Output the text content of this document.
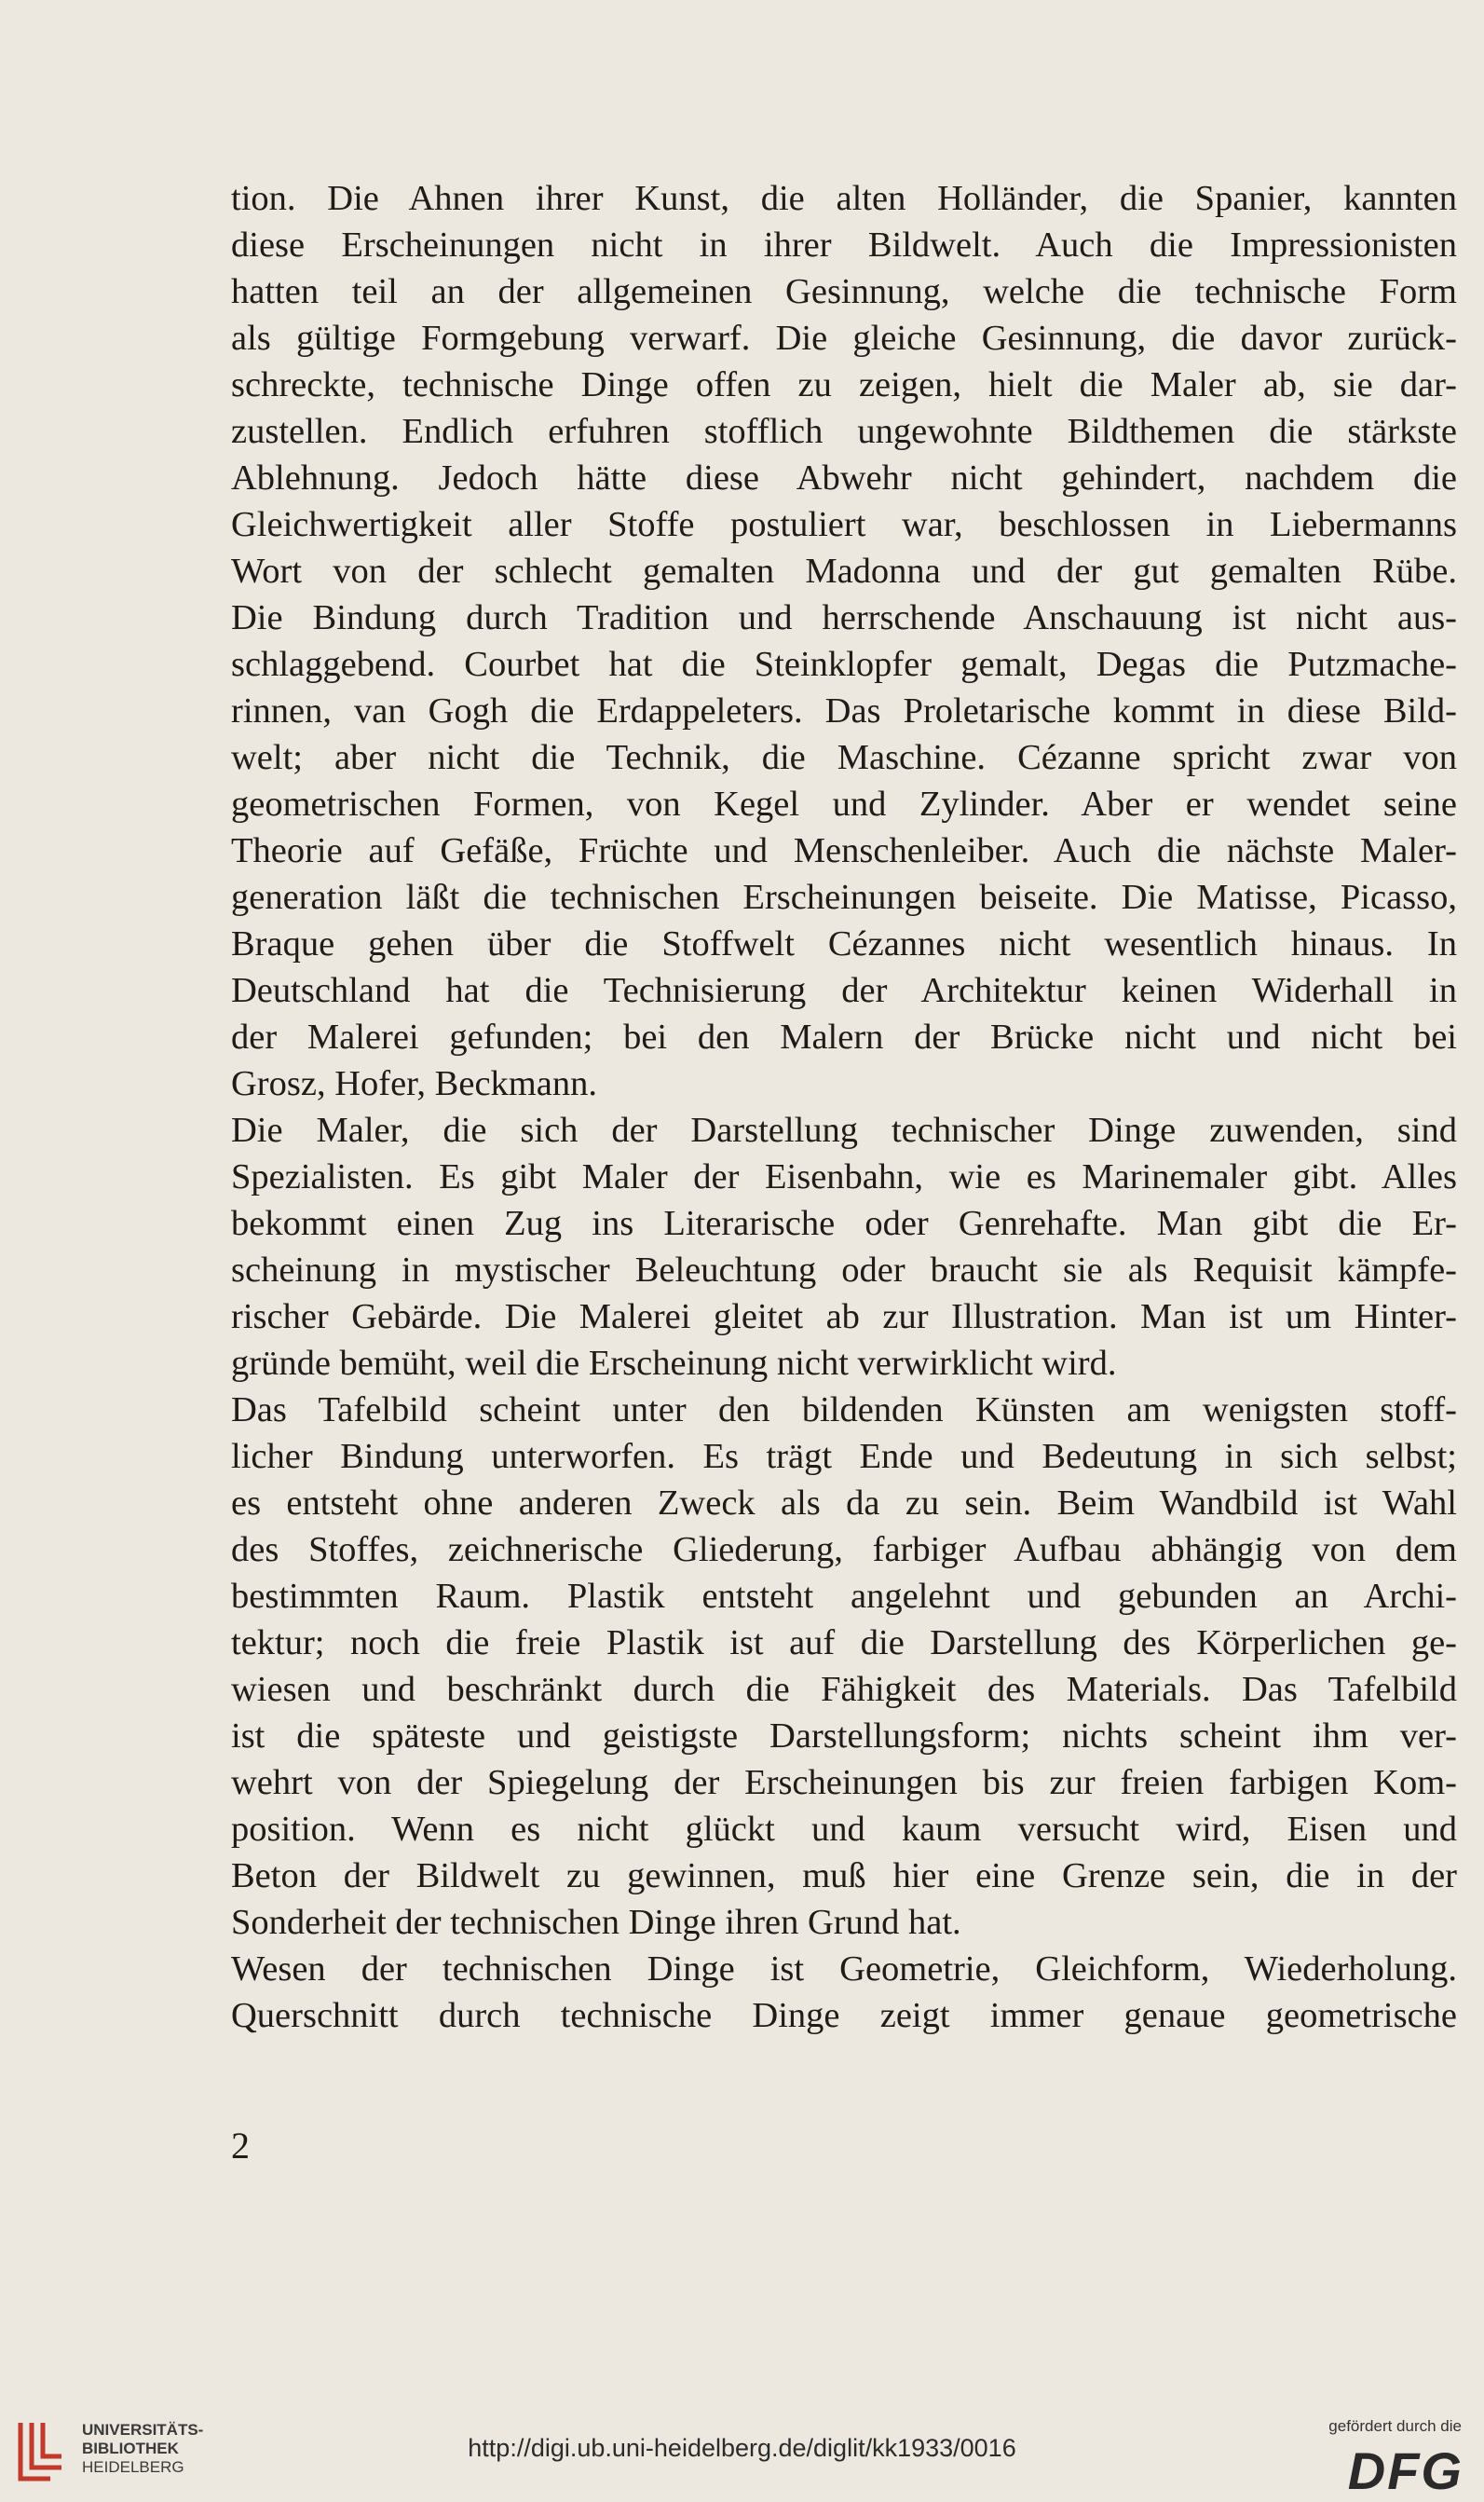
tion. Die Ahnen ihrer Kunst, die alten Holländer, die Spanier, kannten
diese Erscheinungen nicht in ihrer Bildwelt. Auch die Impressionisten
hatten teil an der allgemeinen Gesinnung, welche die technische Form
als gültige Formgebung verwarf. Die gleiche Gesinnung, die davor zurück-
schreckte, technische Dinge offen zu zeigen, hielt die Maler ab, sie dar-
zustellen. Endlich erfuhren stofflich ungewohnte Bildthemen die stärkste
Ablehnung. Jedoch hätte diese Abwehr nicht gehindert, nachdem die
Gleichwertigkeit aller Stoffe postuliert war, beschlossen in Liebermanns
Wort von der schlecht gemalten Madonna und der gut gemalten Rübe.
Die Bindung durch Tradition und herrschende Anschauung ist nicht aus-
schlaggebend. Courbet hat die Steinklopfer gemalt, Degas die Putzmache-
rinnen, van Gogh die Erdappeleters. Das Proletarische kommt in diese Bild-
welt; aber nicht die Technik, die Maschine. Cézanne spricht zwar von
geometrischen Formen, von Kegel und Zylinder. Aber er wendet seine
Theorie auf Gefäße, Früchte und Menschenleiber. Auch die nächste Maler-
generation läßt die technischen Erscheinungen beiseite. Die Matisse, Picasso,
Braque gehen über die Stoffwelt Cézannes nicht wesentlich hinaus. In
Deutschland hat die Technisierung der Architektur keinen Widerhall in
der Malerei gefunden; bei den Malern der Brücke nicht und nicht bei
Grosz, Hofer, Beckmann.
Die Maler, die sich der Darstellung technischer Dinge zuwenden, sind
Spezialisten. Es gibt Maler der Eisenbahn, wie es Marinemaler gibt. Alles
bekommt einen Zug ins Literarische oder Genrehafte. Man gibt die Er-
scheinung in mystischer Beleuchtung oder braucht sie als Requisit kämpfe-
rischer Gebärde. Die Malerei gleitet ab zur Illustration. Man ist um Hinter-
gründe bemüht, weil die Erscheinung nicht verwirklicht wird.
Das Tafelbild scheint unter den bildenden Künsten am wenigsten stoff-
licher Bindung unterworfen. Es trägt Ende und Bedeutung in sich selbst;
es entsteht ohne anderen Zweck als da zu sein. Beim Wandbild ist Wahl
des Stoffes, zeichnerische Gliederung, farbiger Aufbau abhängig von dem
bestimmten Raum. Plastik entsteht angelehnt und gebunden an Archi-
tektur; noch die freie Plastik ist auf die Darstellung des Körperlichen ge-
wiesen und beschränkt durch die Fähigkeit des Materials. Das Tafelbild
ist die späteste und geistigste Darstellungsform; nichts scheint ihm ver-
wehrt von der Spiegelung der Erscheinungen bis zur freien farbigen Kom-
position. Wenn es nicht glückt und kaum versucht wird, Eisen und
Beton der Bildwelt zu gewinnen, muß hier eine Grenze sein, die in der
Sonderheit der technischen Dinge ihren Grund hat.
Wesen der technischen Dinge ist Geometrie, Gleichform, Wiederholung.
Querschnitt durch technische Dinge zeigt immer genaue geometrische
2
UNIVERSITÄTS-
BIBLIOTHEK
HEIDELBERG
http://digi.ub.uni-heidelberg.de/diglit/kk1933/0016
gefördert durch die
DFG
